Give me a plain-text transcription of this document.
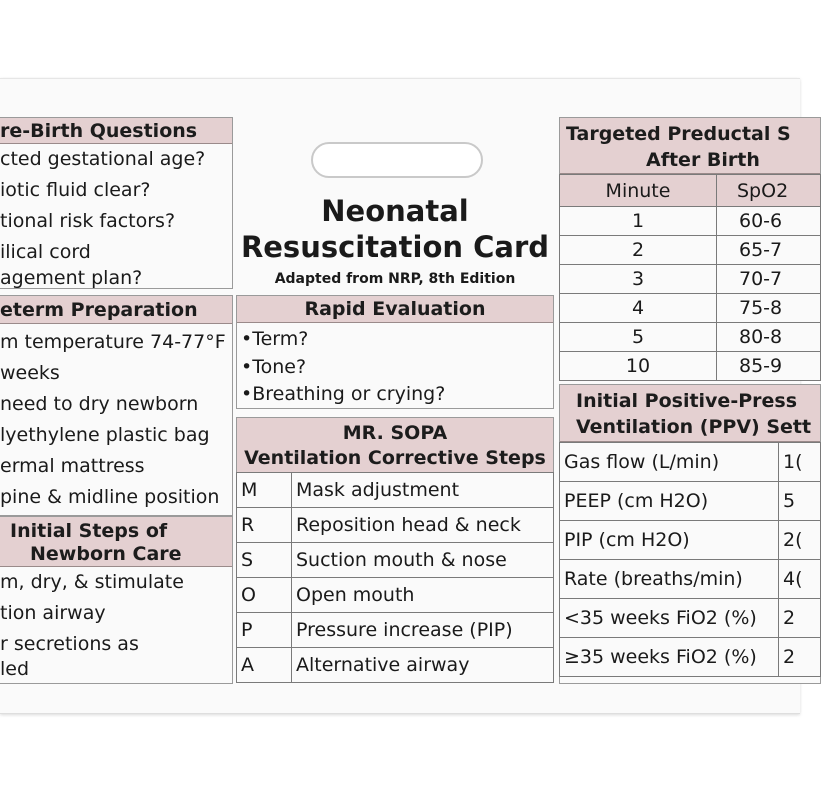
Neonatal
Resuscitation Card
Adapted from NRP, 8th Edition
re-Birth Questions
cted gestational age?
iotic fluid clear?
tional risk factors?
ilical cord
agement plan?
eterm Preparation
m temperature 74-77°F
weeks
need to dry newborn
lyethylene plastic bag
ermal mattress
pine & midline position
Initial Steps of
Newborn Care
m, dry, & stimulate
tion airway
r secretions as
led
Rapid Evaluation
•Term?
•Tone?
•Breathing or crying?
MR. SOPA
Ventilation Corrective Steps
M	Mask adjustment
R	Reposition head & neck
S	Suction mouth & nose
O	Open mouth
P	Pressure increase (PIP)
A	Alternative airway
Targeted Preductal S
After Birth
Minute	SpO2
1	60-6
2	65-7
3	70-7
4	75-8
5	80-8
10	85-9
Initial Positive-Press
Ventilation (PPV) Sett
Gas flow (L/min)	1(
PEEP (cm H2O)	5
PIP (cm H2O)	2(
Rate (breaths/min)	4(
<35 weeks FiO2 (%)	2
≥35 weeks FiO2 (%)	2
